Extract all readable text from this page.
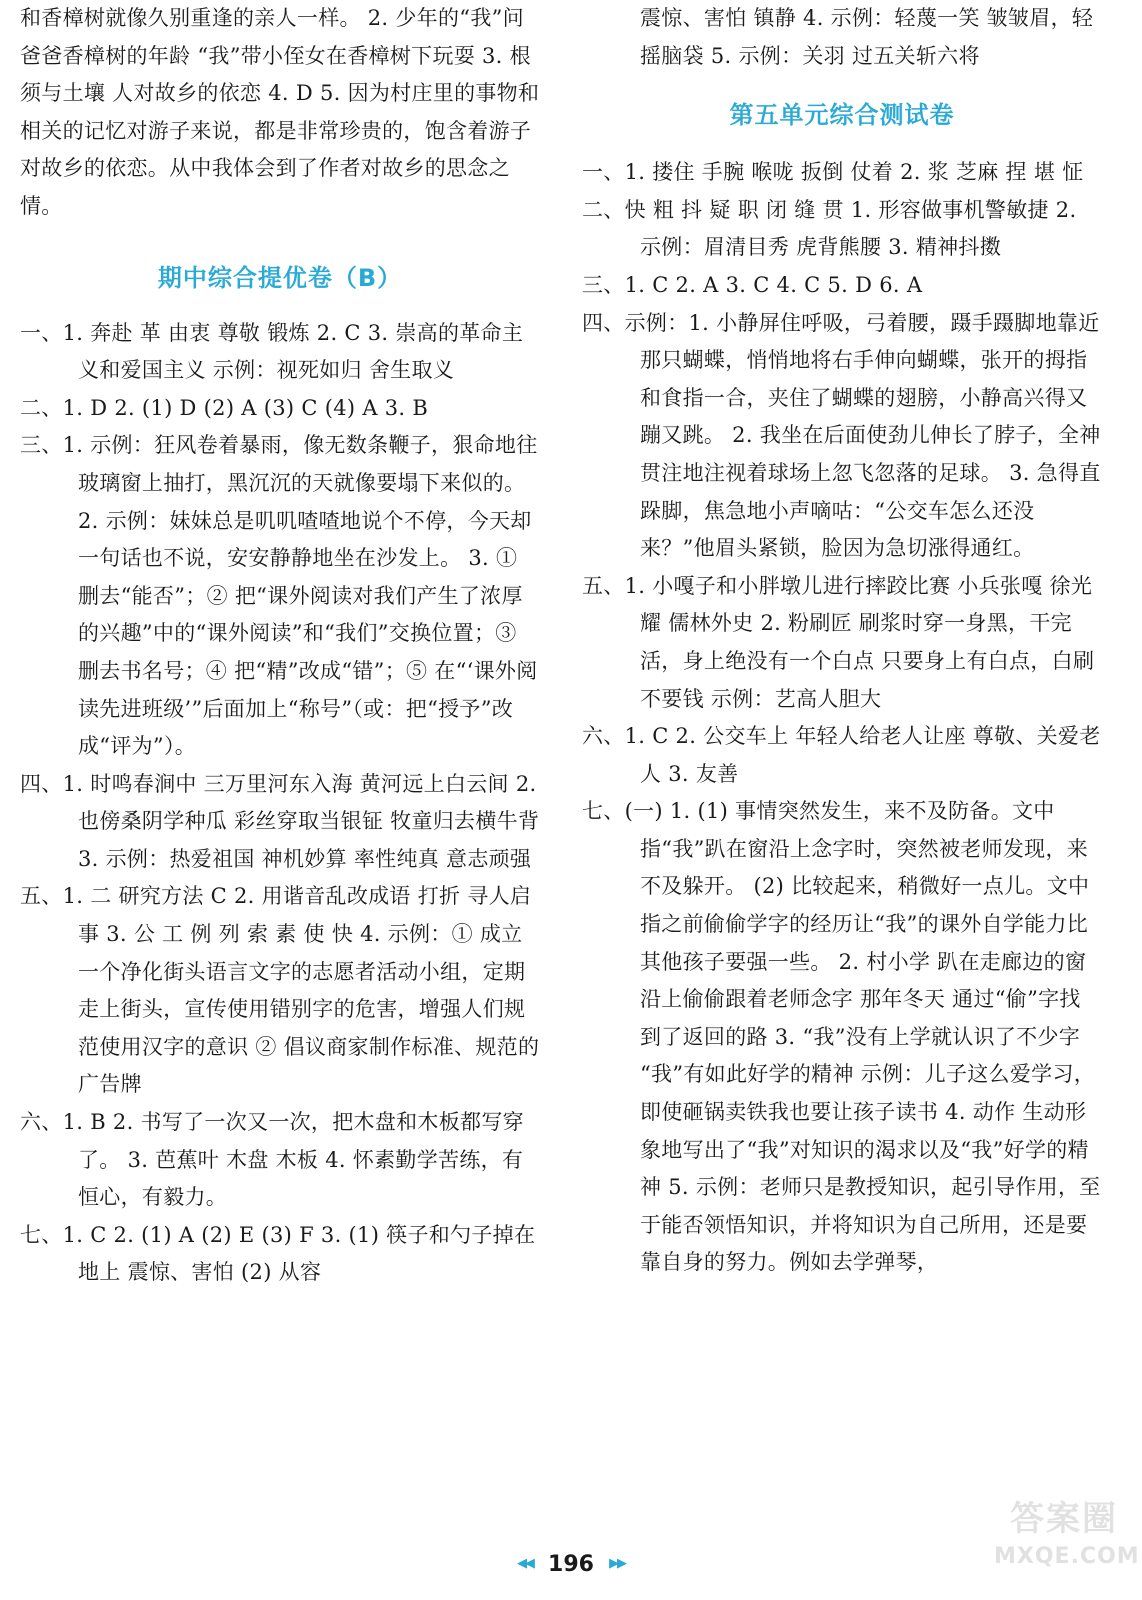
和香樟树就像久别重逢的亲人一样。 2. 少年的“我”问爸爸香樟树的年龄 “我”带小侄女在香樟树下玩耍 3. 根须与土壤 人对故乡的依恋 4. D 5. 因为村庄里的事物和相关的记忆对游子来说，都是非常珍贵的，饱含着游子对故乡的依恋。从中我体会到了作者对故乡的思念之情。

期中综合提优卷（B）

一、1. 奔赴 革 由衷 尊敬 锻炼 2. C 3. 崇高的革命主义和爱国主义 示例：视死如归 舍生取义

二、1. D 2. (1) D (2) A (3) C (4) A 3. B

三、1. 示例：狂风卷着暴雨，像无数条鞭子，狠命地往玻璃窗上抽打，黑沉沉的天就像要塌下来似的。 2. 示例：妹妹总是叽叽喳喳地说个不停，今天却一句话也不说，安安静静地坐在沙发上。 3. ① 删去“能否”；② 把“课外阅读对我们产生了浓厚的兴趣”中的“课外阅读”和“我们”交换位置；③ 删去书名号；④ 把“精”改成“错”；⑤ 在“‘课外阅读先进班级’”后面加上“称号”（或：把“授予”改成“评为”）。

四、1. 时鸣春涧中 三万里河东入海 黄河远上白云间 2. 也傍桑阴学种瓜 彩丝穿取当银钲 牧童归去横牛背 3. 示例：热爱祖国 神机妙算 率性纯真 意志顽强

五、1. 二 研究方法 C 2. 用谐音乱改成语 打折 寻人启事 3. 公 工 例 列 索 素 使 快 4. 示例：① 成立一个净化街头语言文字的志愿者活动小组，定期走上街头，宣传使用错别字的危害，增强人们规范使用汉字的意识 ② 倡议商家制作标准、规范的广告牌

六、1. B 2. 书写了一次又一次，把木盘和木板都写穿了。 3. 芭蕉叶 木盘 木板 4. 怀素勤学苦练，有恒心，有毅力。

七、1. C 2. (1) A (2) E (3) F 3. (1) 筷子和勺子掉在地上 震惊、害怕 (2) 从容

震惊、害怕 镇静 4. 示例：轻蔑一笑 皱皱眉，轻摇脑袋 5. 示例：关羽 过五关斩六将

第五单元综合测试卷

一、1. 搂住 手腕 喉咙 扳倒 仗着 2. 浆 芝麻 捏 堪 怔

二、快 粗 抖 疑 职 闭 缝 贯 1. 形容做事机警敏捷 2. 示例：眉清目秀 虎背熊腰 3. 精神抖擞

三、1. C 2. A 3. C 4. C 5. D 6. A

四、示例：1. 小静屏住呼吸，弓着腰，蹑手蹑脚地靠近那只蝴蝶，悄悄地将右手伸向蝴蝶，张开的拇指和食指一合，夹住了蝴蝶的翅膀，小静高兴得又蹦又跳。 2. 我坐在后面使劲儿伸长了脖子，全神贯注地注视着球场上忽飞忽落的足球。 3. 急得直跺脚，焦急地小声嘀咕：“公交车怎么还没来？”他眉头紧锁，脸因为急切涨得通红。

五、1. 小嘎子和小胖墩儿进行摔跤比赛 小兵张嘎 徐光耀 儒林外史 2. 粉刷匠 刷浆时穿一身黑，干完活，身上绝没有一个白点 只要身上有白点，白刷不要钱 示例：艺高人胆大

六、1. C 2. 公交车上 年轻人给老人让座 尊敬、关爱老人 3. 友善

七、(一) 1. (1) 事情突然发生，来不及防备。文中指“我”趴在窗沿上念字时，突然被老师发现，来不及躲开。 (2) 比较起来，稍微好一点儿。文中指之前偷偷学字的经历让“我”的课外自学能力比其他孩子要强一些。 2. 村小学 趴在走廊边的窗沿上偷偷跟着老师念字 那年冬天 通过“偷”字找到了返回的路 3. “我”没有上学就认识了不少字 “我”有如此好学的精神 示例：儿子这么爱学习，即使砸锅卖铁我也要让孩子读书 4. 动作 生动形象地写出了“我”对知识的渴求以及“我”好学的精神 5. 示例：老师只是教授知识，起引导作用，至于能否领悟知识，并将知识为自己所用，还是要靠自身的努力。例如去学弹琴，

◀◀ 196 ▶▶
答案圈
MXQE.COM
